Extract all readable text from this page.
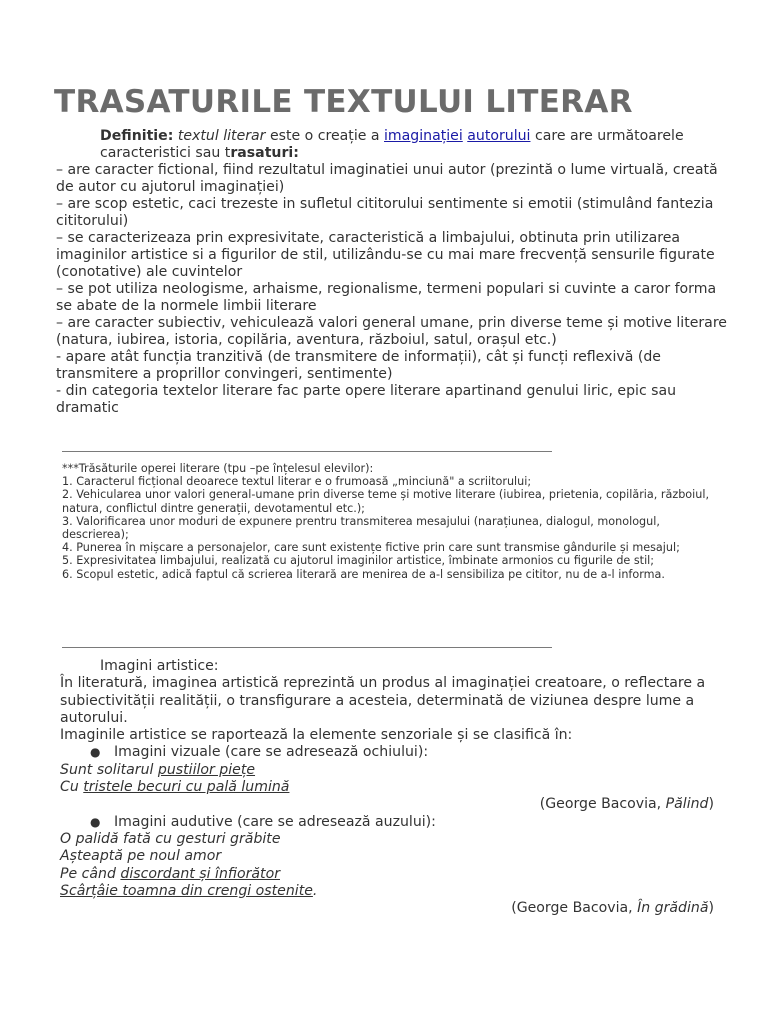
TRASATURILE TEXTULUI LITERAR

Definitie: textul literar este o creație a imaginației autorului care are următoarele caracteristici sau trasaturi:

– are caracter fictional, fiind rezultatul imaginatiei unui autor (prezintă o lume virtuală, creată de autor cu ajutorul imaginației)

– are scop estetic, caci trezeste in sufletul cititorului sentimente si emotii (stimulând fantezia cititorului)

– se caracterizeaza prin expresivitate, caracteristică a limbajului, obtinuta prin utilizarea imaginilor artistice si a figurilor de stil, utilizându-se cu mai mare frecvență sensurile figurate (conotative) ale cuvintelor

– se pot utiliza neologisme, arhaisme, regionalisme, termeni populari si cuvinte a caror forma se abate de la normele limbii literare

– are caracter subiectiv, vehiculează valori general umane, prin diverse teme și motive literare (natura, iubirea, istoria, copilăria, aventura, războiul, satul, orașul etc.)

- apare atât funcția tranzitivă (de transmitere de informații), cât și funcți reflexivă (de transmitere a proprillor convingeri, sentimente)

- din categoria textelor literare fac parte opere literare apartinand genului liric, epic sau dramatic

***Trăsăturile operei literare (tpu –pe înțelesul elevilor):

1. Caracterul ficțional deoarece textul literar e o frumoasă „minciună" a scriitorului;

2. Vehicularea unor valori general-umane prin diverse teme și motive literare (iubirea, prietenia, copilăria, războiul, natura, conflictul dintre generații, devotamentul etc.);

3. Valorificarea unor moduri de expunere prentru transmiterea mesajului (narațiunea, dialogul, monologul, descrierea);

4. Punerea în mișcare a personajelor, care sunt existențe fictive prin care sunt transmise gândurile și mesajul;

5. Expresivitatea limbajului, realizată cu ajutorul imaginilor artistice, îmbinate armonios cu figurile de stil;

6. Scopul estetic, adică faptul că scrierea literară are menirea de a-l sensibiliza pe cititor, nu de a-l informa.

Imagini artistice:

În literatură, imaginea artistică reprezintă un produs al imaginației creatoare, o reflectare a subiectivității realității, o transfigurare a acesteia, determinată de viziunea despre lume a autorului.

Imaginile artistice se raportează la elemente senzoriale și se clasifică în:

● Imagini vizuale (care se adresează ochiului):

Sunt solitarul pustiilor piețe

Cu tristele becuri cu pală lumină

(George Bacovia, Pălind)

● Imagini audutive (care se adresează auzului):

O palidă fată cu gesturi grăbite

Așteaptă pe noul amor

Pe când discordant și înfiorător

Scârțâie toamna din crengi ostenite.

(George Bacovia, În grădină)
